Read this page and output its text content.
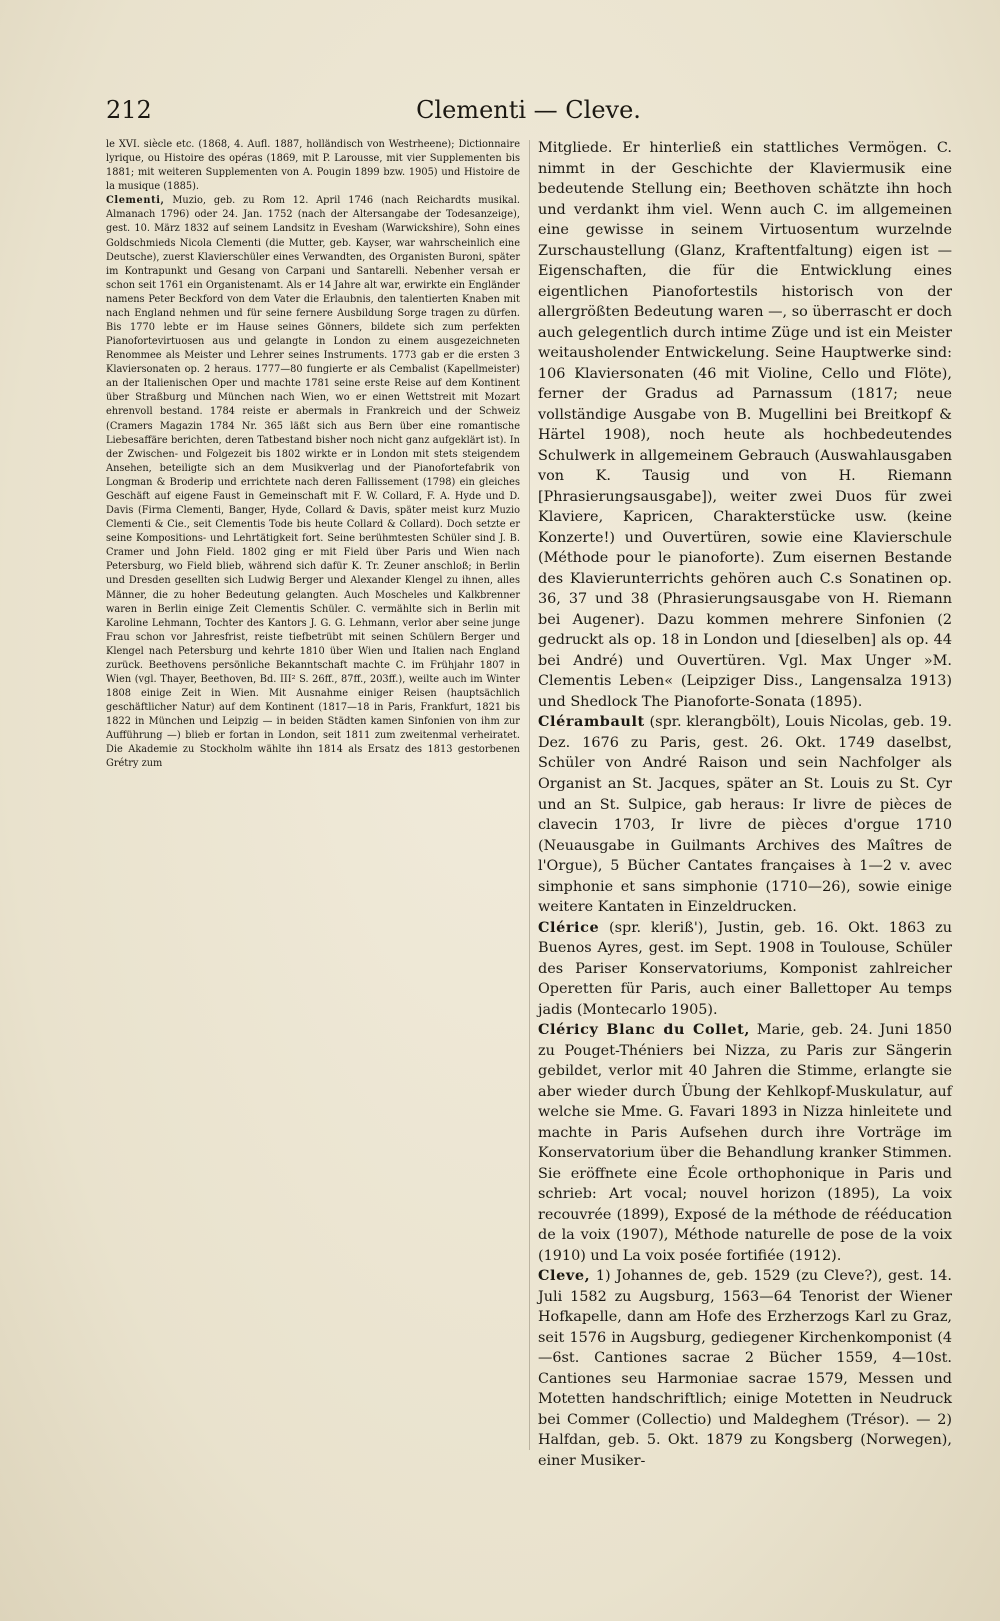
212	Clementi — Cleve.

le XVI. siècle etc. (1868, 4. Aufl. 1887, holländisch von Westrheene); Dictionnaire lyrique, ou Histoire des opéras (1869, mit P. Larousse, mit vier Supplementen bis 1881; mit weiteren Supplementen von A. Pougin 1899 bzw. 1905) und Histoire de la musique (1885).

Clementi, Muzio, geb. zu Rom 12. April 1746 (nach Reichardts musikal. Almanach 1796) oder 24. Jan. 1752 (nach der Altersangabe der Todesanzeige), gest. 10. März 1832 auf seinem Landsitz in Evesham (Warwickshire), Sohn eines Goldschmieds Nicola Clementi (die Mutter, geb. Kayser, war wahrscheinlich eine Deutsche), zuerst Klavierschüler eines Verwandten, des Organisten Buroni, später im Kontrapunkt und Gesang von Carpani und Santarelli. Nebenher versah er schon seit 1761 ein Organistenamt. Als er 14 Jahre alt war, erwirkte ein Engländer namens Peter Beckford von dem Vater die Erlaubnis, den talentierten Knaben mit nach England nehmen und für seine fernere Ausbildung Sorge tragen zu dürfen. Bis 1770 lebte er im Hause seines Gönners, bildete sich zum perfekten Pianofortevirtuosen aus und gelangte in London zu einem ausgezeichneten Renommee als Meister und Lehrer seines Instruments. 1773 gab er die ersten 3 Klaviersonaten op. 2 heraus. 1777—80 fungierte er als Cembalist (Kapellmeister) an der Italienischen Oper und machte 1781 seine erste Reise auf dem Kontinent über Straßburg und München nach Wien, wo er einen Wettstreit mit Mozart ehrenvoll bestand. 1784 reiste er abermals in Frankreich und der Schweiz (Cramers Magazin 1784 Nr. 365 läßt sich aus Bern über eine romantische Liebesaffäre berichten, deren Tatbestand bisher noch nicht ganz aufgeklärt ist). In der Zwischen- und Folgezeit bis 1802 wirkte er in London mit stets steigendem Ansehen, beteiligte sich an dem Musikverlag und der Pianofortefabrik von Longman & Broderip und errichtete nach deren Fallissement (1798) ein gleiches Geschäft auf eigene Faust in Gemeinschaft mit F. W. Collard, F. A. Hyde und D. Davis (Firma Clementi, Banger, Hyde, Collard & Davis, später meist kurz Muzio Clementi & Cie., seit Clementis Tode bis heute Collard & Collard). Doch setzte er seine Kompositions- und Lehrtätigkeit fort. Seine berühmtesten Schüler sind J. B. Cramer und John Field. 1802 ging er mit Field über Paris und Wien nach Petersburg, wo Field blieb, während sich dafür K. Tr. Zeuner anschloß; in Berlin und Dresden gesellten sich Ludwig Berger und Alexander Klengel zu ihnen, alles Männer, die zu hoher Bedeutung gelangten. Auch Moscheles und Kalkbrenner waren in Berlin einige Zeit Clementis Schüler. C. vermählte sich in Berlin mit Karoline Lehmann, Tochter des Kantors J. G. G. Lehmann, verlor aber seine junge Frau schon vor Jahresfrist, reiste tiefbetrübt mit seinen Schülern Berger und Klengel nach Petersburg und kehrte 1810 über Wien und Italien nach England zurück. Beethovens persönliche Bekanntschaft machte C. im Frühjahr 1807 in Wien (vgl. Thayer, Beethoven, Bd. III² S. 26ff., 87ff., 203ff.), weilte auch im Winter 1808 einige Zeit in Wien. Mit Ausnahme einiger Reisen (hauptsächlich geschäftlicher Natur) auf dem Kontinent (1817—18 in Paris, Frankfurt, 1821 bis 1822 in München und Leipzig — in beiden Städten kamen Sinfonien von ihm zur Aufführung —) blieb er fortan in London, seit 1811 zum zweitenmal verheiratet. Die Akademie zu Stockholm wählte ihn 1814 als Ersatz des 1813 gestorbenen Grétry zum

Mitgliede. Er hinterließ ein stattliches Vermögen. C. nimmt in der Geschichte der Klaviermusik eine bedeutende Stellung ein; Beethoven schätzte ihn hoch und verdankt ihm viel. Wenn auch C. im allgemeinen eine gewisse in seinem Virtuosentum wurzelnde Zurschaustellung (Glanz, Kraftentfaltung) eigen ist — Eigenschaften, die für die Entwicklung eines eigentlichen Pianofortestils historisch von der allergrößten Bedeutung waren —, so überrascht er doch auch gelegentlich durch intime Züge und ist ein Meister weitausholender Entwickelung. Seine Hauptwerke sind: 106 Klaviersonaten (46 mit Violine, Cello und Flöte), ferner der Gradus ad Parnassum (1817; neue vollständige Ausgabe von B. Mugellini bei Breitkopf & Härtel 1908), noch heute als hochbedeutendes Schulwerk in allgemeinem Gebrauch (Auswahlausgaben von K. Tausig und von H. Riemann [Phrasierungsausgabe]), weiter zwei Duos für zwei Klaviere, Kapricen, Charakterstücke usw. (keine Konzerte!) und Ouvertüren, sowie eine Klavierschule (Méthode pour le pianoforte). Zum eisernen Bestande des Klavierunterrichts gehören auch C.s Sonatinen op. 36, 37 und 38 (Phrasierungsausgabe von H. Riemann bei Augener). Dazu kommen mehrere Sinfonien (2 gedruckt als op. 18 in London und [dieselben] als op. 44 bei André) und Ouvertüren. Vgl. Max Unger »M. Clementis Leben« (Leipziger Diss., Langensalza 1913) und Shedlock The Pianoforte-Sonata (1895).

Clérambault (spr. klerangbölt), Louis Nicolas, geb. 19. Dez. 1676 zu Paris, gest. 26. Okt. 1749 daselbst, Schüler von André Raison und sein Nachfolger als Organist an St. Jacques, später an St. Louis zu St. Cyr und an St. Sulpice, gab heraus: Ir livre de pièces de clavecin 1703, Ir livre de pièces d'orgue 1710 (Neuausgabe in Guilmants Archives des Maîtres de l'Orgue), 5 Bücher Cantates françaises à 1—2 v. avec simphonie et sans simphonie (1710—26), sowie einige weitere Kantaten in Einzeldrucken.

Clérice (spr. kleriß'), Justin, geb. 16. Okt. 1863 zu Buenos Ayres, gest. im Sept. 1908 in Toulouse, Schüler des Pariser Konservatoriums, Komponist zahlreicher Operetten für Paris, auch einer Ballettoper Au temps jadis (Montecarlo 1905).

Cléricy Blanc du Collet, Marie, geb. 24. Juni 1850 zu Pouget-Théniers bei Nizza, zu Paris zur Sängerin gebildet, verlor mit 40 Jahren die Stimme, erlangte sie aber wieder durch Übung der Kehlkopf-Muskulatur, auf welche sie Mme. G. Favari 1893 in Nizza hinleitete und machte in Paris Aufsehen durch ihre Vorträge im Konservatorium über die Behandlung kranker Stimmen. Sie eröffnete eine École orthophonique in Paris und schrieb: Art vocal; nouvel horizon (1895), La voix recouvrée (1899), Exposé de la méthode de rééducation de la voix (1907), Méthode naturelle de pose de la voix (1910) und La voix posée fortifiée (1912).

Cleve, 1) Johannes de, geb. 1529 (zu Cleve?), gest. 14. Juli 1582 zu Augsburg, 1563—64 Tenorist der Wiener Hofkapelle, dann am Hofe des Erzherzogs Karl zu Graz, seit 1576 in Augsburg, gediegener Kirchenkomponist (4—6st. Cantiones sacrae 2 Bücher 1559, 4—10st. Cantiones seu Harmoniae sacrae 1579, Messen und Motetten handschriftlich; einige Motetten in Neudruck bei Commer (Collectio) und Maldeghem (Trésor). — 2) Halfdan, geb. 5. Okt. 1879 zu Kongsberg (Norwegen), einer Musiker-
